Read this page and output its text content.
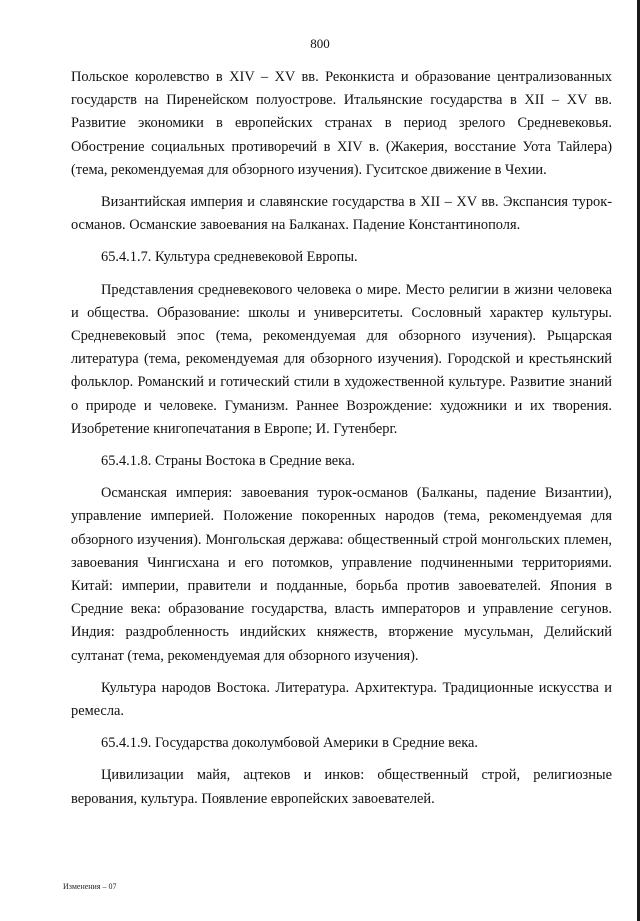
800

Польское королевство в XIV – XV вв. Реконкиста и образование централизованных государств на Пиренейском полуострове. Итальянские государства в XII – XV вв. Развитие экономики в европейских странах в период зрелого Средневековья. Обострение социальных противоречий в XIV в. (Жакерия, восстание Уота Тайлера) (тема, рекомендуемая для обзорного изучения). Гуситское движение в Чехии.

Византийская империя и славянские государства в XII – XV вв. Экспансия турок-османов. Османские завоевания на Балканах. Падение Константинополя.

65.4.1.7. Культура средневековой Европы.

Представления средневекового человека о мире. Место религии в жизни человека и общества. Образование: школы и университеты. Сословный характер культуры. Средневековый эпос (тема, рекомендуемая для обзорного изучения). Рыцарская литература (тема, рекомендуемая для обзорного изучения). Городской и крестьянский фольклор. Романский и готический стили в художественной культуре. Развитие знаний о природе и человеке. Гуманизм. Раннее Возрождение: художники и их творения. Изобретение книгопечатания в Европе; И. Гутенберг.

65.4.1.8. Страны Востока в Средние века.

Османская империя: завоевания турок-османов (Балканы, падение Византии), управление империей. Положение покоренных народов (тема, рекомендуемая для обзорного изучения). Монгольская держава: общественный строй монгольских племен, завоевания Чингисхана и его потомков, управление подчиненными территориями. Китай: империи, правители и подданные, борьба против завоевателей. Япония в Средние века: образование государства, власть императоров и управление сегунов. Индия: раздробленность индийских княжеств, вторжение мусульман, Делийский султанат (тема, рекомендуемая для обзорного изучения).

Культура народов Востока. Литература. Архитектура. Традиционные искусства и ремесла.

65.4.1.9. Государства доколумбовой Америки в Средние века.

Цивилизации майя, ацтеков и инков: общественный строй, религиозные верования, культура. Появление европейских завоевателей.

Изменения – 07
